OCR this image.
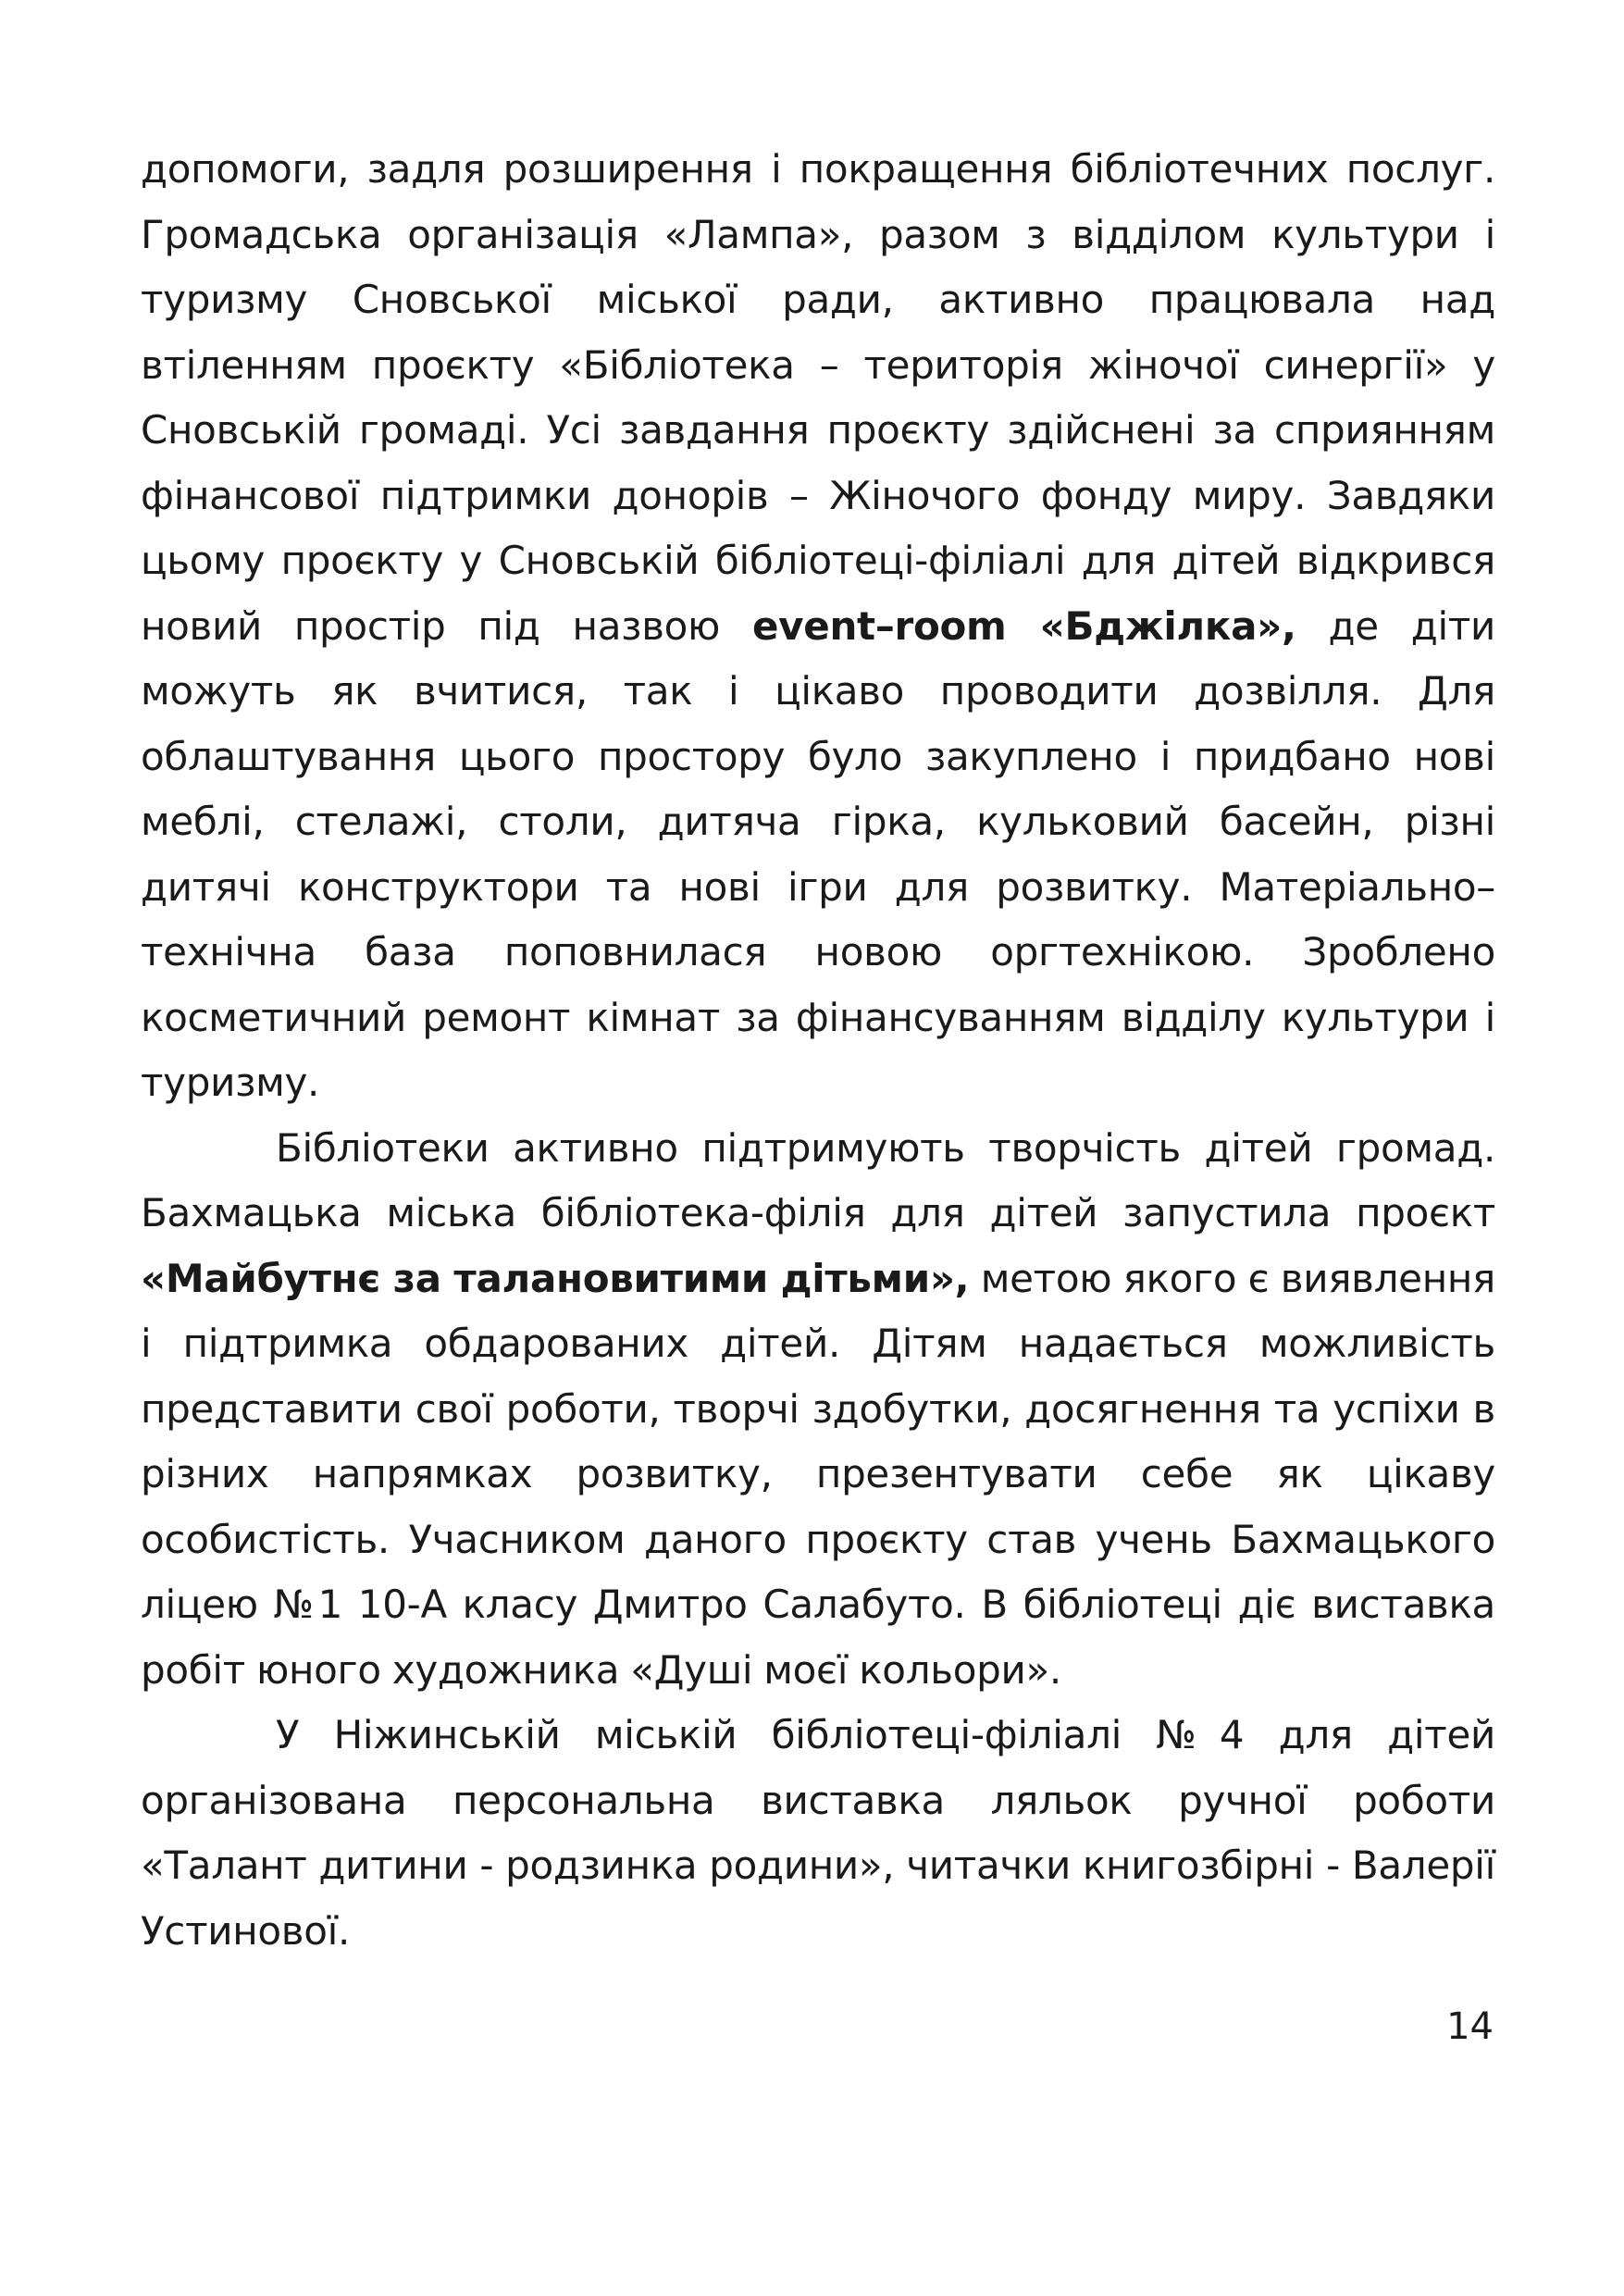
допомоги, задля розширення і покращення бібліотечних послуг. Громадська організація «Лампа», разом з відділом культури і туризму Сновської міської ради, активно працювала над втіленням проєкту «Бібліотека – територія жіночої синергії» у Сновській громаді. Усі завдання проєкту здійснені за сприянням фінансової підтримки донорів – Жіночого фонду миру. Завдяки цьому проєкту у Сновській бібліотеці-філіалі для дітей відкрився новий простір під назвою event–room «Бджілка», де діти можуть як вчитися, так і цікаво проводити дозвілля. Для облаштування цього простору було закуплено і придбано нові меблі, стелажі, столи, дитяча гірка, кульковий басейн, різні дитячі конструктори та нові ігри для розвитку. Матеріально–технічна база поповнилася новою оргтехнікою. Зроблено косметичний ремонт кімнат за фінансуванням відділу культури і туризму.

Бібліотеки активно підтримують творчість дітей громад. Бахмацька міська бібліотека-філія для дітей запустила проєкт «Майбутнє за талановитими дітьми», метою якого є виявлення і підтримка обдарованих дітей. Дітям надається можливість представити свої роботи, творчі здобутки, досягнення та успіхи в різних напрямках розвитку, презентувати себе як цікаву особистість. Учасником даного проєкту став учень Бахмацького ліцею №1 10-А класу Дмитро Салабуто. В бібліотеці діє виставка робіт юного художника «Душі моєї кольори».

У Ніжинській міській бібліотеці-філіалі №4 для дітей організована персональна виставка ляльок ручної роботи «Талант дитини - родзинка родини», читачки книгозбірні - Валерії Устинової.

14
